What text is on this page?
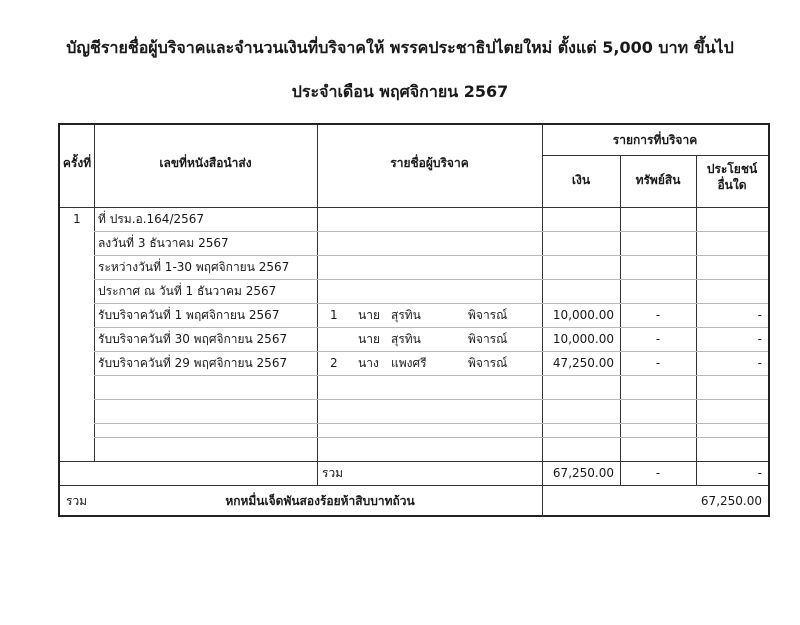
บัญชีรายชื่อผู้บริจาคและจำนวนเงินที่บริจาคให้ พรรคประชาธิปไตยใหม่ ตั้งแต่ 5,000 บาท ขึ้นไป
ประจำเดือน พฤศจิกายน 2567
ครั้งที่	เลขที่หนังสือนำส่ง	รายชื่อผู้บริจาค
รายการที่บริจาค
เงิน	ทรัพย์สิน
ประโยชน์
อื่นใด
1	ที่ ปรม.อ.164/2567
ลงวันที่ 3 ธันวาคม 2567
ระหว่างวันที่ 1-30 พฤศจิกายน 2567
ประกาศ ณ วันที่ 1 ธันวาคม 2567
รับบริจาควันที่ 1 พฤศจิกายน 2567	1	นาย สุรทิน	พิจารณ์	10,000.00	-	-
รับบริจาควันที่ 30 พฤศจิกายน 2567	นาย สุรทิน	พิจารณ์	10,000.00	-	-
รับบริจาควันที่ 29 พฤศจิกายน 2567	2	นาง	แพงศรี	พิจารณ์	47,250.00	-	-
รวม	67,250.00	-	-
รวม	หกหมื่นเจ็ดพันสองร้อยห้าสิบบาทถ้วน	67,250.00
